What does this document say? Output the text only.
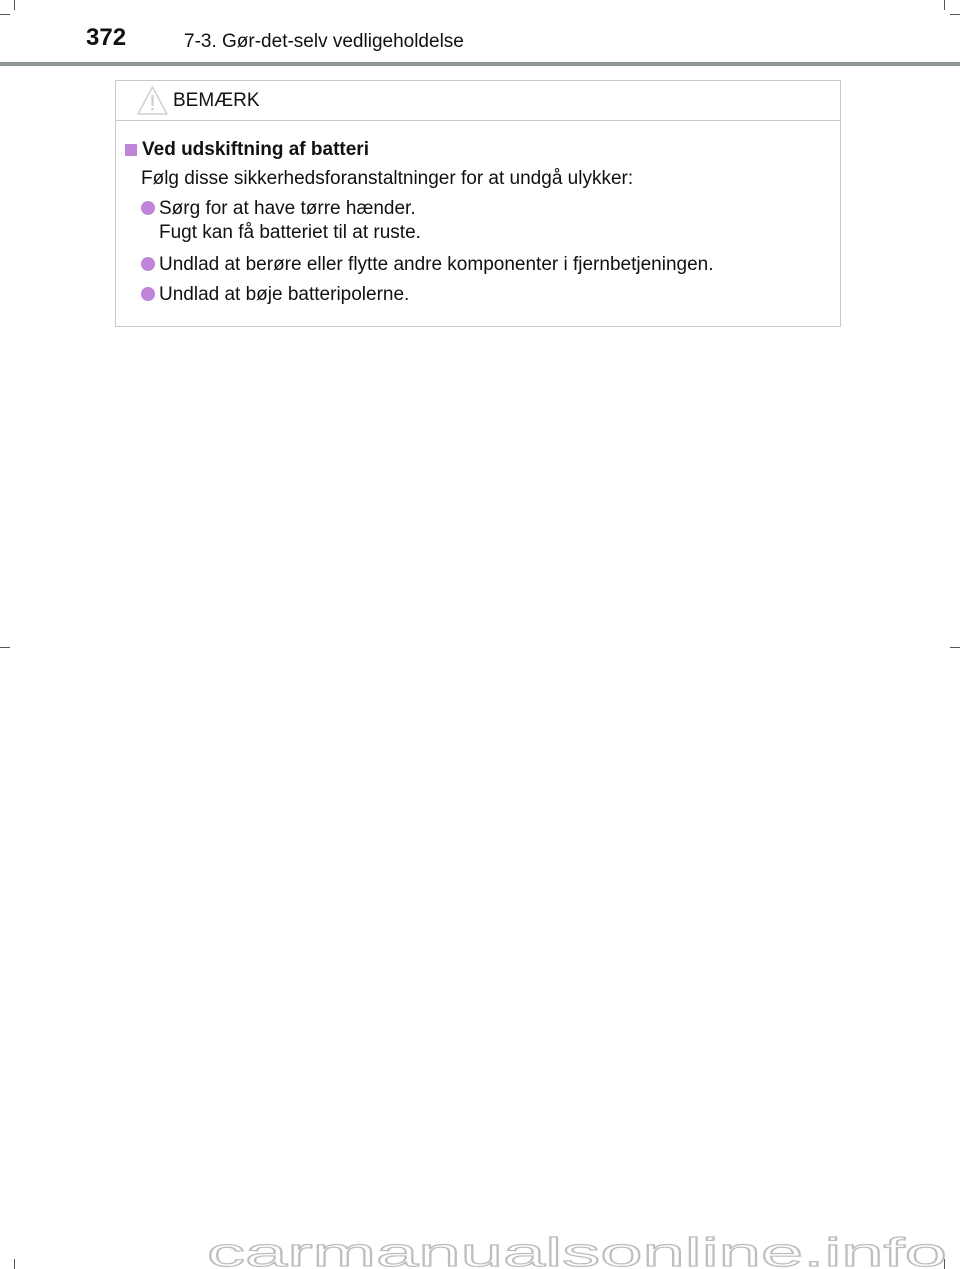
372	7-3. Gør-det-selv vedligeholdelse
BEMÆRK
Ved udskiftning af batteri
Følg disse sikkerhedsforanstaltninger for at undgå ulykker:
Sørg for at have tørre hænder.
Fugt kan få batteriet til at ruste.
Undlad at berøre eller flytte andre komponenter i fjernbetjeningen.
Undlad at bøje batteripolerne.
carmanualsonline.info
